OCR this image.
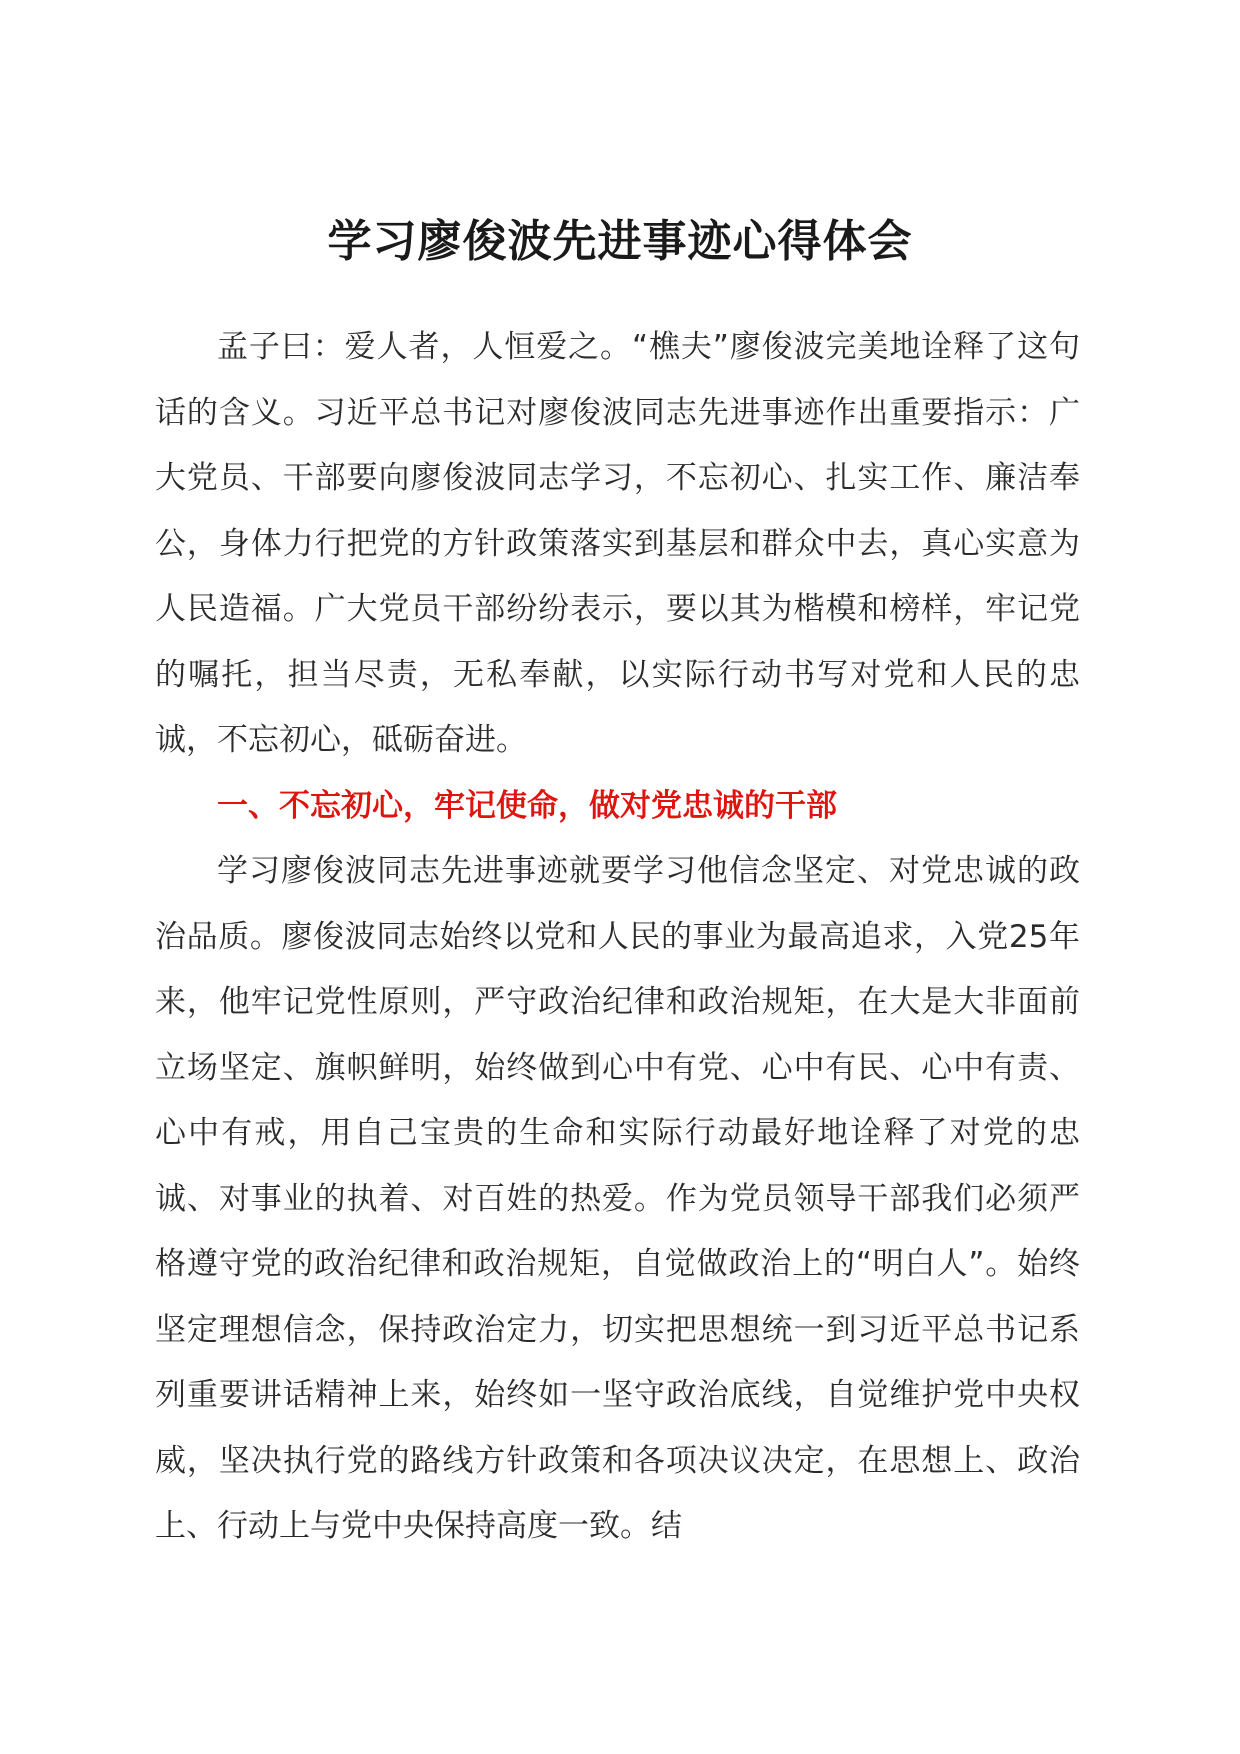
学习廖俊波先进事迹心得体会

孟子曰：爱人者，人恒爱之。“樵夫”廖俊波完美地诠释了这句话的含义。习近平总书记对廖俊波同志先进事迹作出重要指示：广大党员、干部要向廖俊波同志学习，不忘初心、扎实工作、廉洁奉公，身体力行把党的方针政策落实到基层和群众中去，真心实意为人民造福。广大党员干部纷纷表示，要以其为楷模和榜样，牢记党的嘱托，担当尽责，无私奉献，以实际行动书写对党和人民的忠诚，不忘初心，砥砺奋进。

一、不忘初心，牢记使命，做对党忠诚的干部

学习廖俊波同志先进事迹就要学习他信念坚定、对党忠诚的政治品质。廖俊波同志始终以党和人民的事业为最高追求，入党25年来，他牢记党性原则，严守政治纪律和政治规矩，在大是大非面前立场坚定、旗帜鲜明，始终做到心中有党、心中有民、心中有责、心中有戒，用自己宝贵的生命和实际行动最好地诠释了对党的忠诚、对事业的执着、对百姓的热爱。作为党员领导干部我们必须严格遵守党的政治纪律和政治规矩，自觉做政治上的“明白人”。始终坚定理想信念，保持政治定力，切实把思想统一到习近平总书记系列重要讲话精神上来，始终如一坚守政治底线，自觉维护党中央权威，坚决执行党的路线方针政策和各项决议决定，在思想上、政治上、行动上与党中央保持高度一致。结
